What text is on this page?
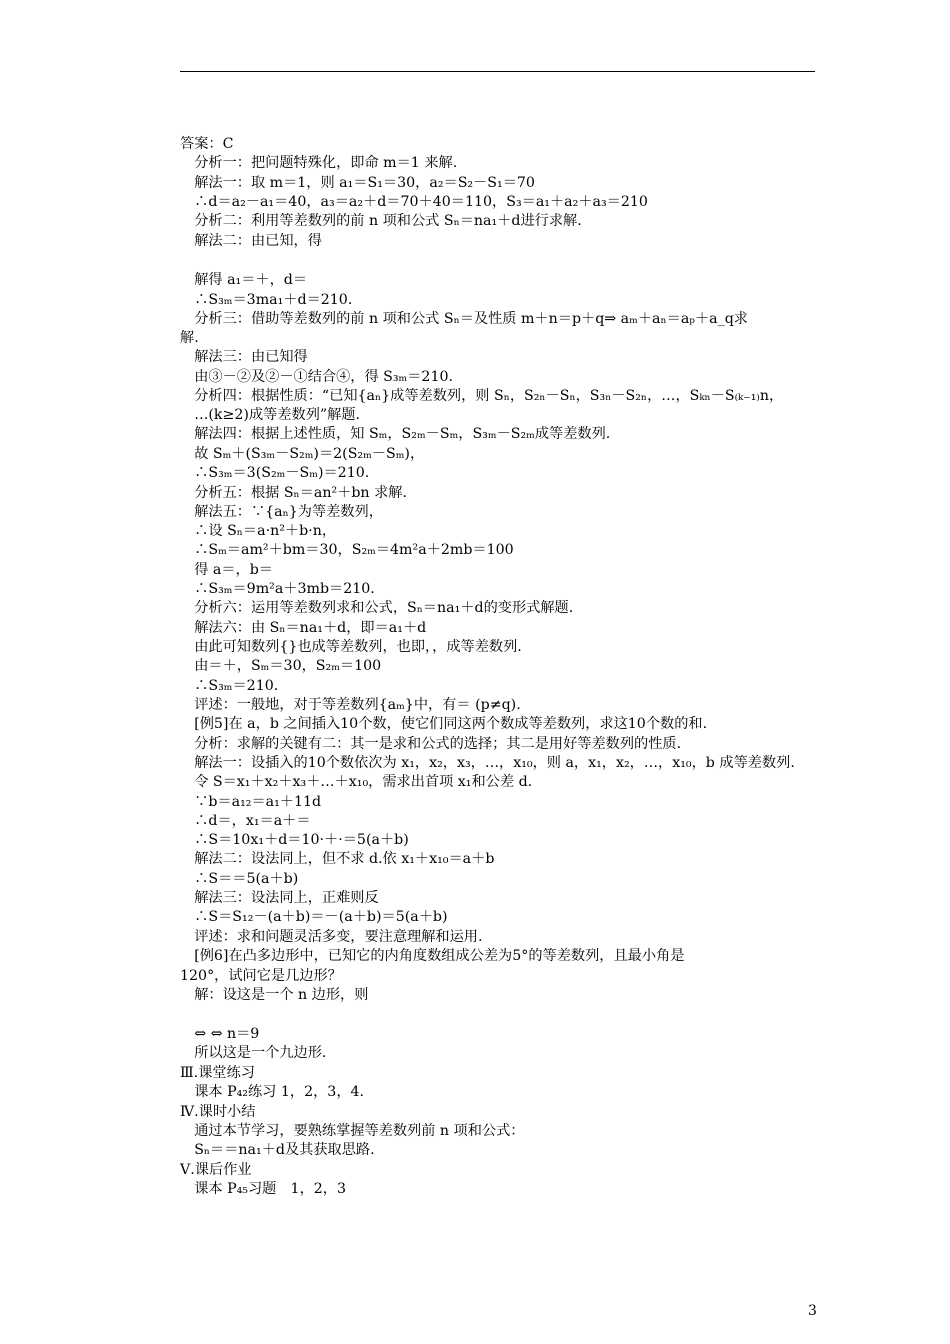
答案：C
　分析一：把问题特殊化，即命 m＝1 来解.
　解法一：取 m＝1，则 a₁＝S₁＝30，a₂＝S₂－S₁＝70
　∴d＝a₂－a₁＝40，a₃＝a₂＋d＝70＋40＝110，S₃＝a₁＋a₂＋a₃＝210
　分析二：利用等差数列的前 n 项和公式 Sₙ＝na₁＋d进行求解.
　解法二：由已知，得
　解得 a₁＝＋，d＝
　∴S₃ₘ＝3ma₁＋d＝210.
　分析三：借助等差数列的前 n 项和公式 Sₙ＝及性质 m＋n＝p＋q⇒ aₘ＋aₙ＝aₚ＋a_q求
解.
　解法三：由已知得
　由③－②及②－①结合④，得 S₃ₘ＝210.
　分析四：根据性质：“已知{aₙ}成等差数列，则 Sₙ，S₂ₙ－Sₙ，S₃ₙ－S₂ₙ，…，Sₖₙ－S₍ₖ₋₁₎n，
　…(k≥2)成等差数列”解题.
　解法四：根据上述性质，知 Sₘ，S₂ₘ－Sₘ，S₃ₘ－S₂ₘ成等差数列.
　故 Sₘ＋(S₃ₘ－S₂ₘ)＝2(S₂ₘ－Sₘ)，
　∴S₃ₘ＝3(S₂ₘ－Sₘ)＝210.
　分析五：根据 Sₙ＝an²＋bn 求解.
　解法五：∵{aₙ}为等差数列，
　∴设 Sₙ＝a·n²＋b·n，
　∴Sₘ＝am²＋bm＝30，S₂ₘ＝4m²a＋2mb＝100
　得 a＝，b＝
　∴S₃ₘ＝9m²a＋3mb＝210.
　分析六：运用等差数列求和公式，Sₙ＝na₁＋d的变形式解题.
　解法六：由 Sₙ＝na₁＋d，即＝a₁＋d
　由此可知数列{}也成等差数列，也即，，成等差数列.
　由＝＋，Sₘ＝30，S₂ₘ＝100
　∴S₃ₘ＝210.
　评述：一般地，对于等差数列{aₘ}中，有＝ (p≠q).
　[例5]在 a，b 之间插入10个数，使它们同这两个数成等差数列，求这10个数的和.
　分析：求解的关键有二：其一是求和公式的选择；其二是用好等差数列的性质.
　解法一：设插入的10个数依次为 x₁，x₂，x₃，…，x₁₀，则 a，x₁，x₂，…，x₁₀，b 成等差数列.
　令 S＝x₁＋x₂＋x₃＋…＋x₁₀，需求出首项 x₁和公差 d.
　∵b＝a₁₂＝a₁＋11d
　∴d＝，x₁＝a＋＝
　∴S＝10x₁＋d＝10·＋·＝5(a＋b)
　解法二：设法同上，但不求 d.依 x₁＋x₁₀＝a＋b
　∴S＝＝5(a＋b)
　解法三：设法同上，正难则反
　∴S＝S₁₂－(a＋b)＝－(a＋b)＝5(a＋b)
　评述：求和问题灵活多变，要注意理解和运用.
　[例6]在凸多边形中，已知它的内角度数组成公差为5°的等差数列，且最小角是
120°，试问它是几边形？
　解：设这是一个 n 边形，则
　⇔ ⇔ n＝9
　所以这是一个九边形.
Ⅲ.课堂练习
　课本 P₄₂练习 1，2，3，4.
Ⅳ.课时小结
　通过本节学习，要熟练掌握等差数列前 n 项和公式：
　Sₙ＝＝na₁＋d及其获取思路.
Ⅴ.课后作业
　课本 P₄₅习题　1，2，3
3
